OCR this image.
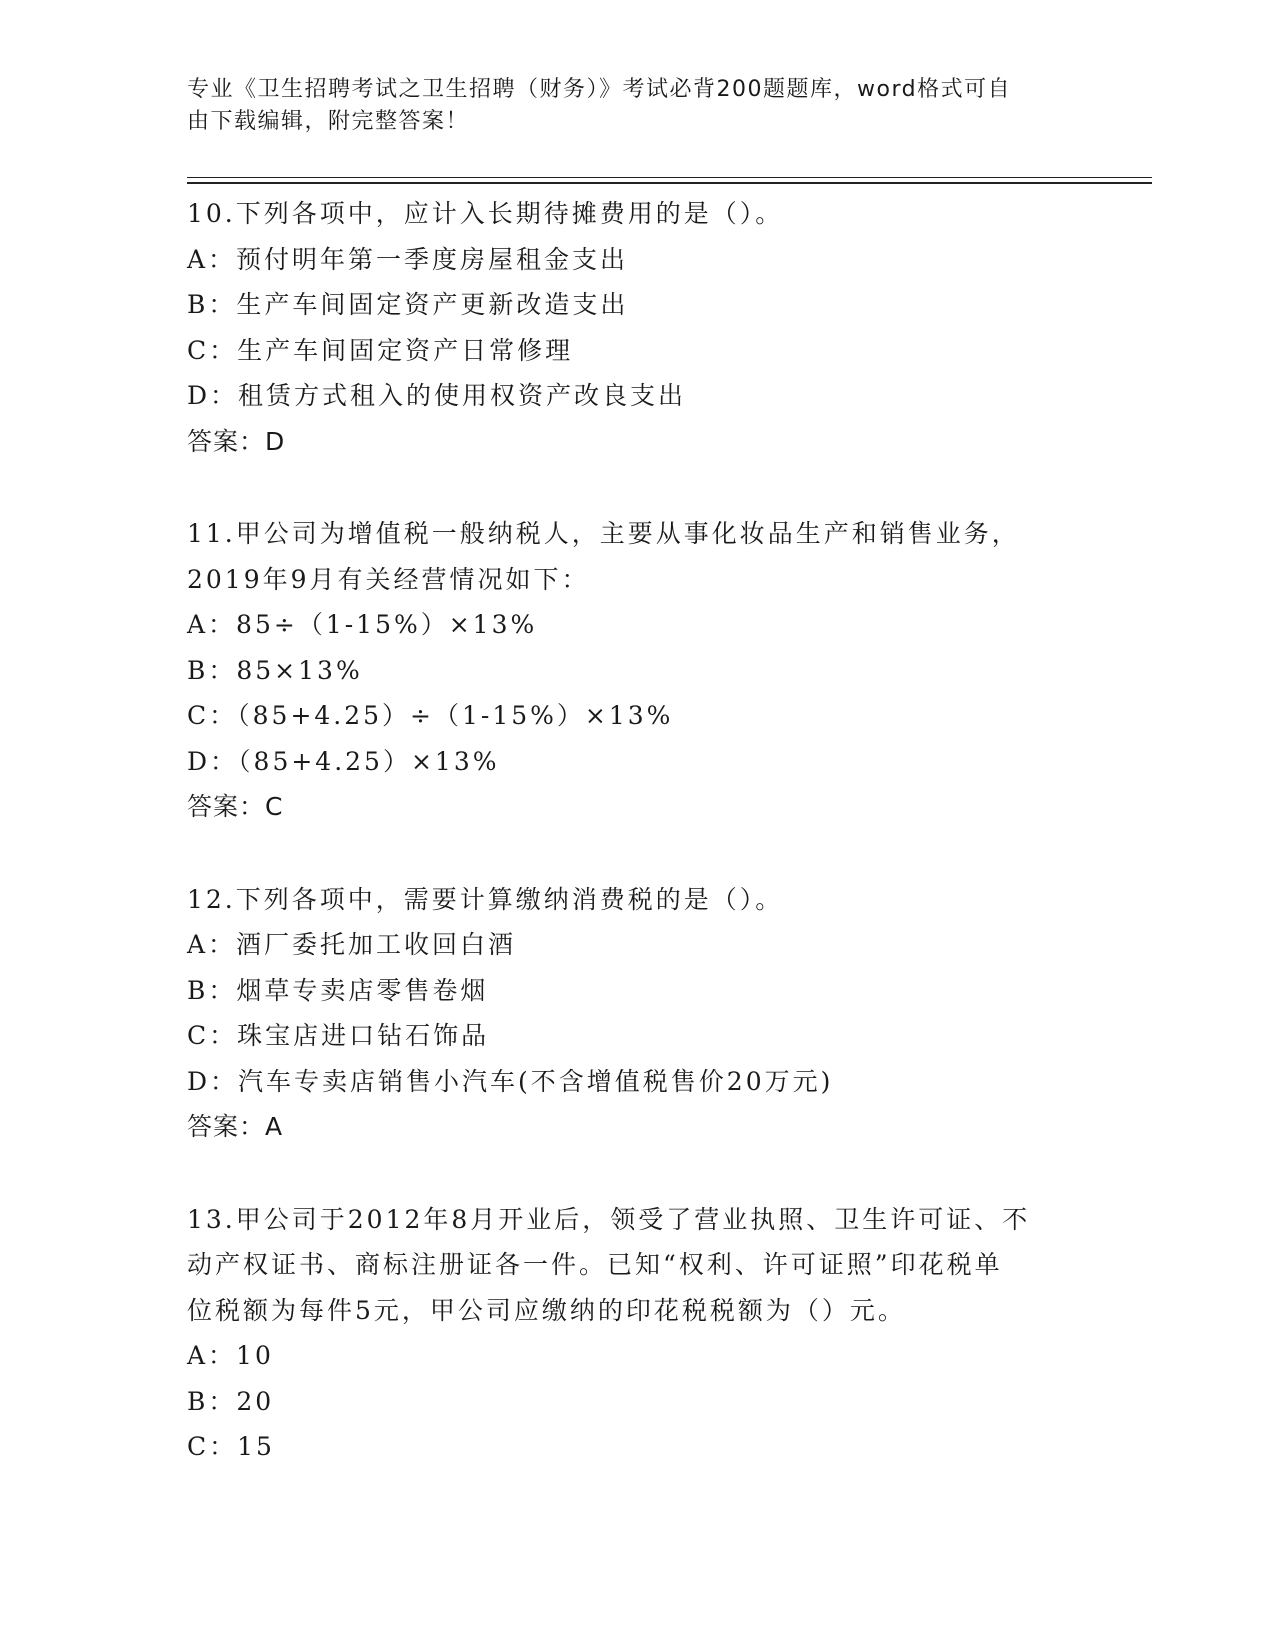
专业《卫生招聘考试之卫生招聘（财务）》考试必背200题题库，word格式可自
由下载编辑，附完整答案！
10.下列各项中，应计入长期待摊费用的是（）。
A：预付明年第一季度房屋租金支出
B：生产车间固定资产更新改造支出
C：生产车间固定资产日常修理
D：租赁方式租入的使用权资产改良支出
答案：D
11.甲公司为增值税一般纳税人，主要从事化妆品生产和销售业务，
2019年9月有关经营情况如下：
A：85÷（1-15%）×13%
B：85×13%
C：（85+4.25）÷（1-15%）×13%
D：（85+4.25）×13%
答案：C
12.下列各项中，需要计算缴纳消费税的是（）。
A：酒厂委托加工收回白酒
B：烟草专卖店零售卷烟
C：珠宝店进口钻石饰品
D：汽车专卖店销售小汽车(不含增值税售价20万元)
答案：A
13.甲公司于2012年8月开业后，领受了营业执照、卫生许可证、不
动产权证书、商标注册证各一件。已知“权利、许可证照”印花税单
位税额为每件5元，甲公司应缴纳的印花税税额为（）元。
A：10
B：20
C：15
